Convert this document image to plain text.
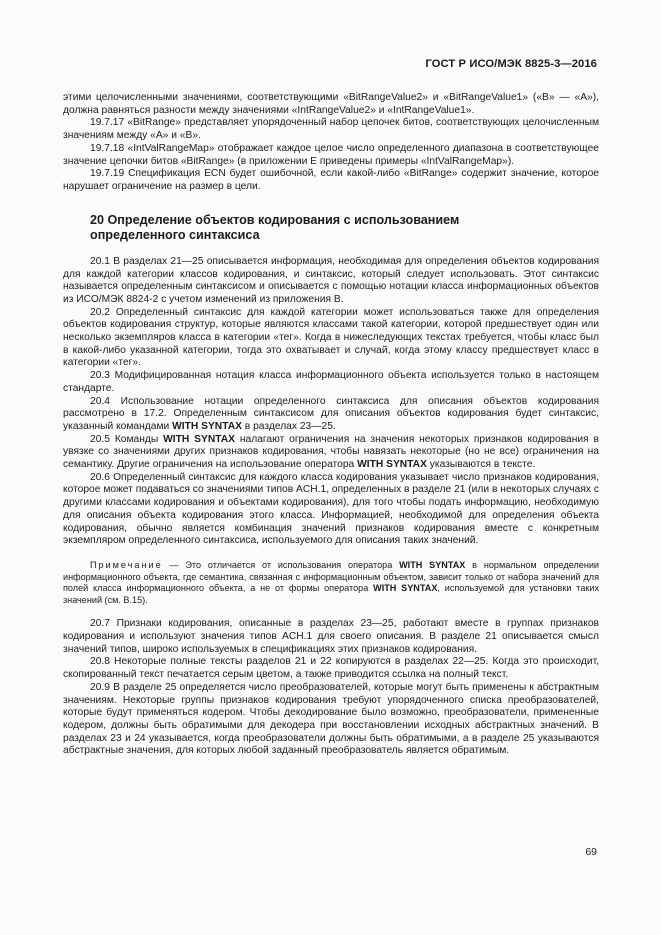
ГОСТ Р ИСО/МЭК 8825-3—2016

этими целочисленными значениями, соответствующими «BitRangeValue2» и «BitRangeValue1» («B» — «A»), должна равняться разности между значениями «IntRangeValue2» и «IntRangeValue1».

19.7.17 «BitRange» представляет упорядоченный набор цепочек битов, соответствующих целочисленным значениям между «A» и «B».

19.7.18 «IntValRangeMap» отображает каждое целое число определенного диапазона в соответствующее значение цепочки битов «BitRange» (в приложении E приведены примеры «IntValRangeMap»).

19.7.19 Спецификация ECN будет ошибочной, если какой-либо «BitRange» содержит значение, которое нарушает ограничение на размер в цели.

20 Определение объектов кодирования с использованием
определенного синтаксиса

20.1 В разделах 21—25 описывается информация, необходимая для определения объектов кодирования для каждой категории классов кодирования, и синтаксис, который следует использовать. Этот синтаксис называется определенным синтаксисом и описывается с помощью нотации класса информационных объектов из ИСО/МЭК 8824-2 с учетом изменений из приложения B.

20.2 Определенный синтаксис для каждой категории может использоваться также для определения объектов кодирования структур, которые являются классами такой категории, которой предшествует один или несколько экземпляров класса в категории «тег». Когда в нижеследующих текстах требуется, чтобы класс был в какой-либо указанной категории, тогда это охватывает и случай, когда этому классу предшествует класс в категории «тег».

20.3 Модифицированная нотация класса информационного объекта используется только в настоящем стандарте.

20.4 Использование нотации определенного синтаксиса для описания объектов кодирования рассмотрено в 17.2. Определенным синтаксисом для описания объектов кодирования будет синтаксис, указанный командами WITH SYNTAX в разделах 23—25.

20.5 Команды WITH SYNTAX налагают ограничения на значения некоторых признаков кодирования в увязке со значениями других признаков кодирования, чтобы навязать некоторые (но не все) ограничения на семантику. Другие ограничения на использование оператора WITH SYNTAX указываются в тексте.

20.6 Определенный синтаксис для каждого класса кодирования указывает число признаков кодирования, которое может подаваться со значениями типов ACH.1, определенных в разделе 21 (или в некоторых случаях с другими классами кодирования и объектами кодирования), для того чтобы подать информацию, необходимую для описания объекта кодирования этого класса. Информацией, необходимой для определения объекта кодирования, обычно является комбинация значений признаков кодирования вместе с конкретным экземпляром определенного синтаксиса, используемого для описания таких значений.

Примечание — Это отличается от использования оператора WITH SYNTAX в нормальном определении информационного объекта, где семантика, связанная с информационным объектом, зависит только от набора значений для полей класса информационного объекта, а не от формы оператора WITH SYNTAX, используемой для установки таких значений (см. B.15).

20.7 Признаки кодирования, описанные в разделах 23—25, работают вместе в группах признаков кодирования и используют значения типов ACH.1 для своего описания. В разделе 21 описывается смысл значений типов, широко используемых в спецификациях этих признаков кодирования.

20.8 Некоторые полные тексты разделов 21 и 22 копируются в разделах 22—25. Когда это происходит, скопированный текст печатается серым цветом, а также приводится ссылка на полный текст.

20.9 В разделе 25 определяется число преобразователей, которые могут быть применены к абстрактным значениям. Некоторые группы признаков кодирования требуют упорядоченного списка преобразователей, которые будут применяться кодером. Чтобы декодирование было возможно, преобразователи, примененные кодером, должны быть обратимыми для декодера при восстановлении исходных абстрактных значений. В разделах 23 и 24 указывается, когда преобразователи должны быть обратимыми, а в разделе 25 указываются абстрактные значения, для которых любой заданный преобразователь является обратимым.

69
